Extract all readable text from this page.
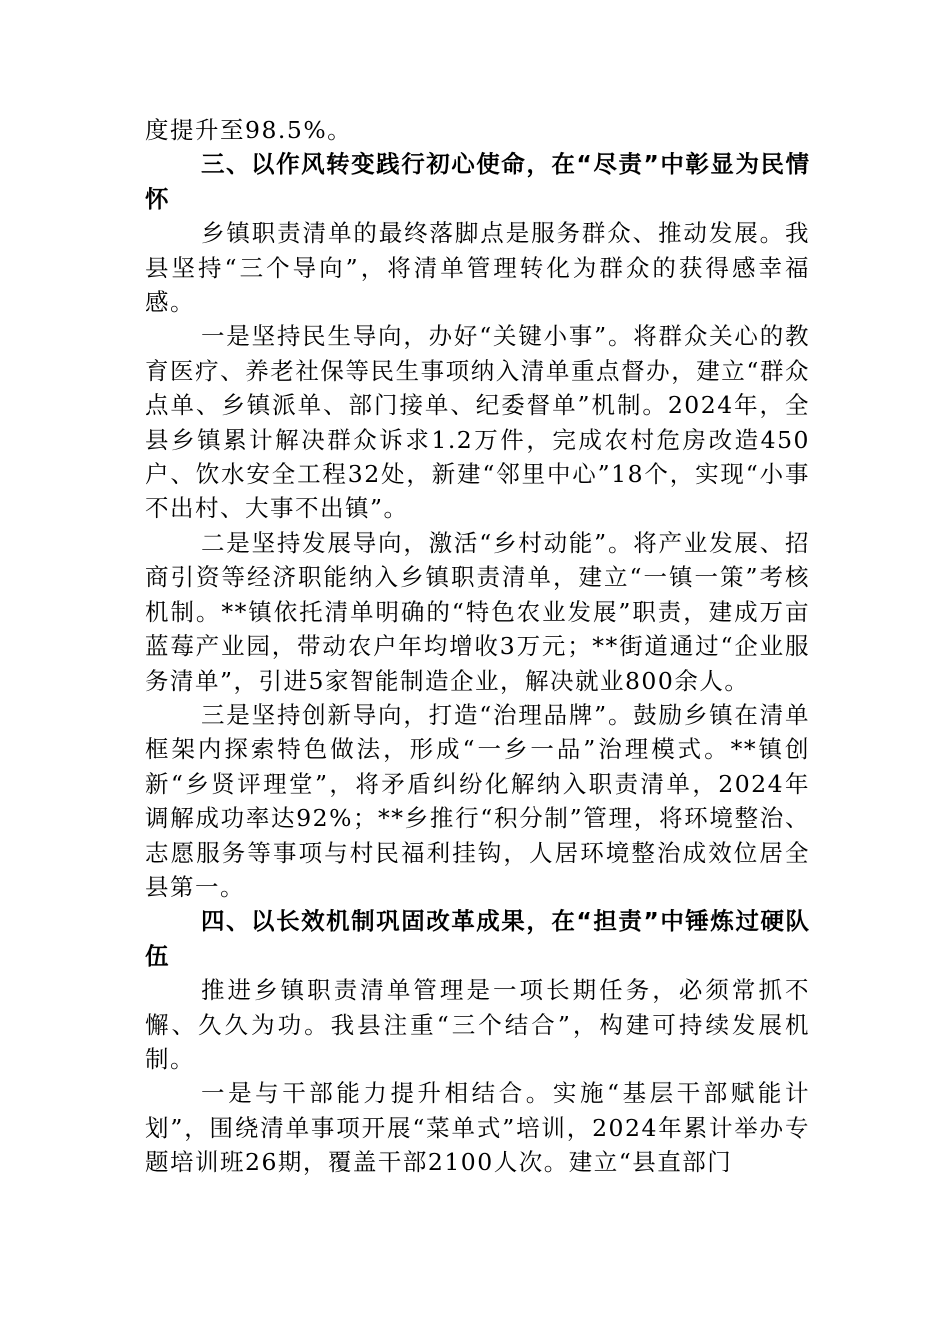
度提升至98.5%。

三、以作风转变践行初心使命，在“尽责”中彰显为民情怀

乡镇职责清单的最终落脚点是服务群众、推动发展。我县坚持“三个导向”，将清单管理转化为群众的获得感幸福感。

一是坚持民生导向，办好“关键小事”。将群众关心的教育医疗、养老社保等民生事项纳入清单重点督办，建立“群众点单、乡镇派单、部门接单、纪委督单”机制。2024年，全县乡镇累计解决群众诉求1.2万件，完成农村危房改造450户、饮水安全工程32处，新建“邻里中心”18个，实现“小事不出村、大事不出镇”。

二是坚持发展导向，激活“乡村动能”。将产业发展、招商引资等经济职能纳入乡镇职责清单，建立“一镇一策”考核机制。**镇依托清单明确的“特色农业发展”职责，建成万亩蓝莓产业园，带动农户年均增收3万元；**街道通过“企业服务清单”，引进5家智能制造企业，解决就业800余人。

三是坚持创新导向，打造“治理品牌”。鼓励乡镇在清单框架内探索特色做法，形成“一乡一品”治理模式。**镇创新“乡贤评理堂”，将矛盾纠纷化解纳入职责清单，2024年调解成功率达92%；**乡推行“积分制”管理，将环境整治、志愿服务等事项与村民福利挂钩，人居环境整治成效位居全县第一。

四、以长效机制巩固改革成果，在“担责”中锤炼过硬队伍

推进乡镇职责清单管理是一项长期任务，必须常抓不懈、久久为功。我县注重“三个结合”，构建可持续发展机制。

一是与干部能力提升相结合。实施“基层干部赋能计划”，围绕清单事项开展“菜单式”培训，2024年累计举办专题培训班26期，覆盖干部2100人次。建立“县直部门
